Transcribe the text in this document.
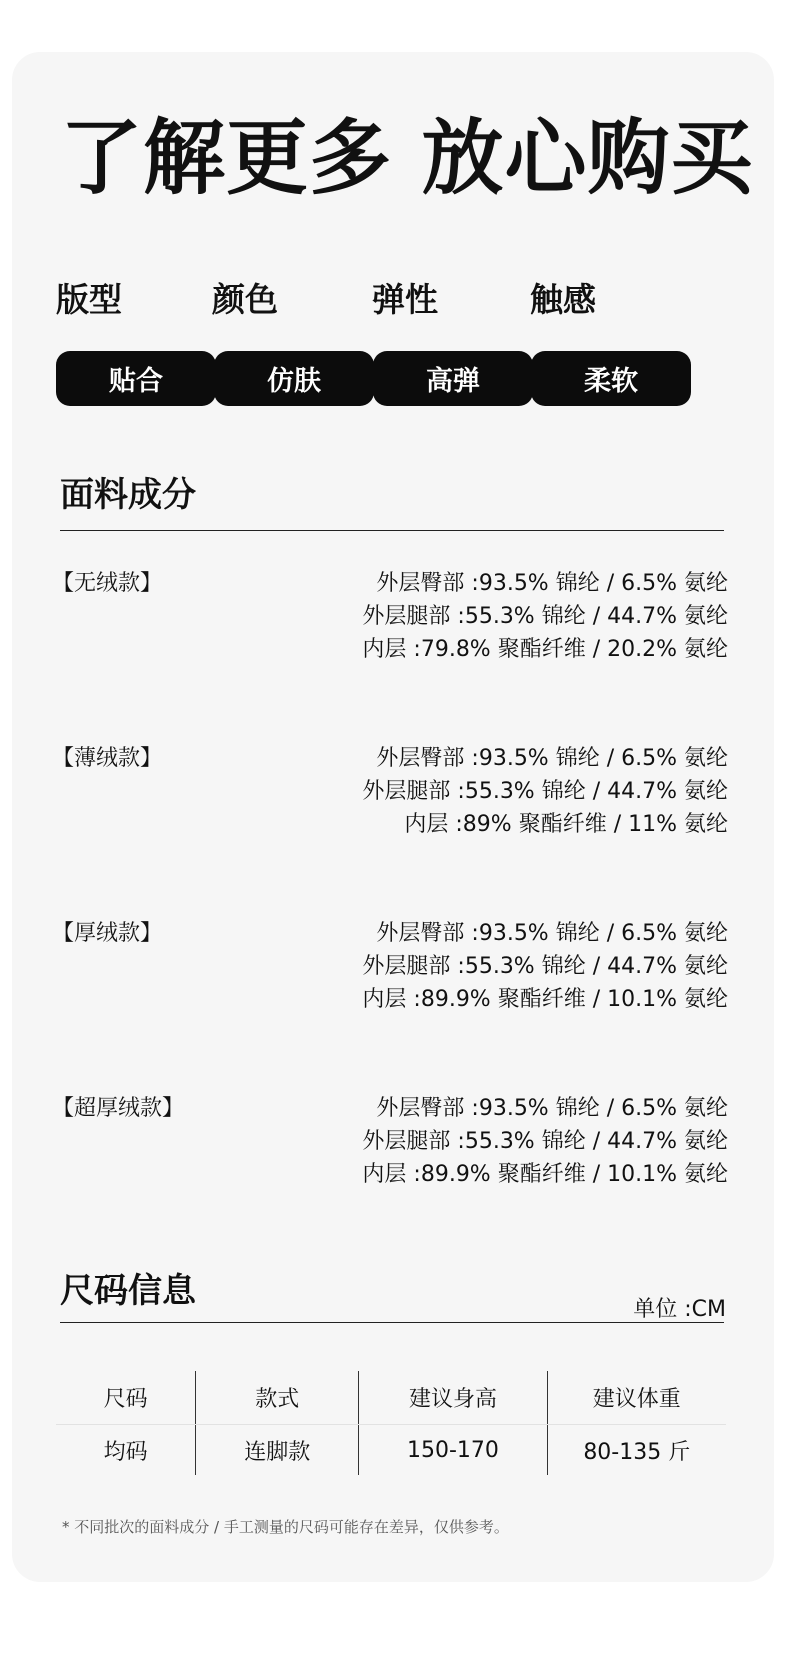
了解更多 放心购买
版型	颜色	弹性	触感
贴合	仿肤	高弹	柔软
面料成分
【无绒款】	外层臀部 :93.5% 锦纶 / 6.5% 氨纶
外层腿部 :55.3% 锦纶 / 44.7% 氨纶
内层 :79.8% 聚酯纤维 / 20.2% 氨纶
【薄绒款】	外层臀部 :93.5% 锦纶 / 6.5% 氨纶
外层腿部 :55.3% 锦纶 / 44.7% 氨纶
内层 :89% 聚酯纤维 / 11% 氨纶
【厚绒款】	外层臀部 :93.5% 锦纶 / 6.5% 氨纶
外层腿部 :55.3% 锦纶 / 44.7% 氨纶
内层 :89.9% 聚酯纤维 / 10.1% 氨纶
【超厚绒款】	外层臀部 :93.5% 锦纶 / 6.5% 氨纶
外层腿部 :55.3% 锦纶 / 44.7% 氨纶
内层 :89.9% 聚酯纤维 / 10.1% 氨纶
尺码信息	单位 :CM
尺码	款式	建议身高	建议体重
均码	连脚款	150-170	80-135 斤
* 不同批次的面料成分 / 手工测量的尺码可能存在差异，仅供参考。
